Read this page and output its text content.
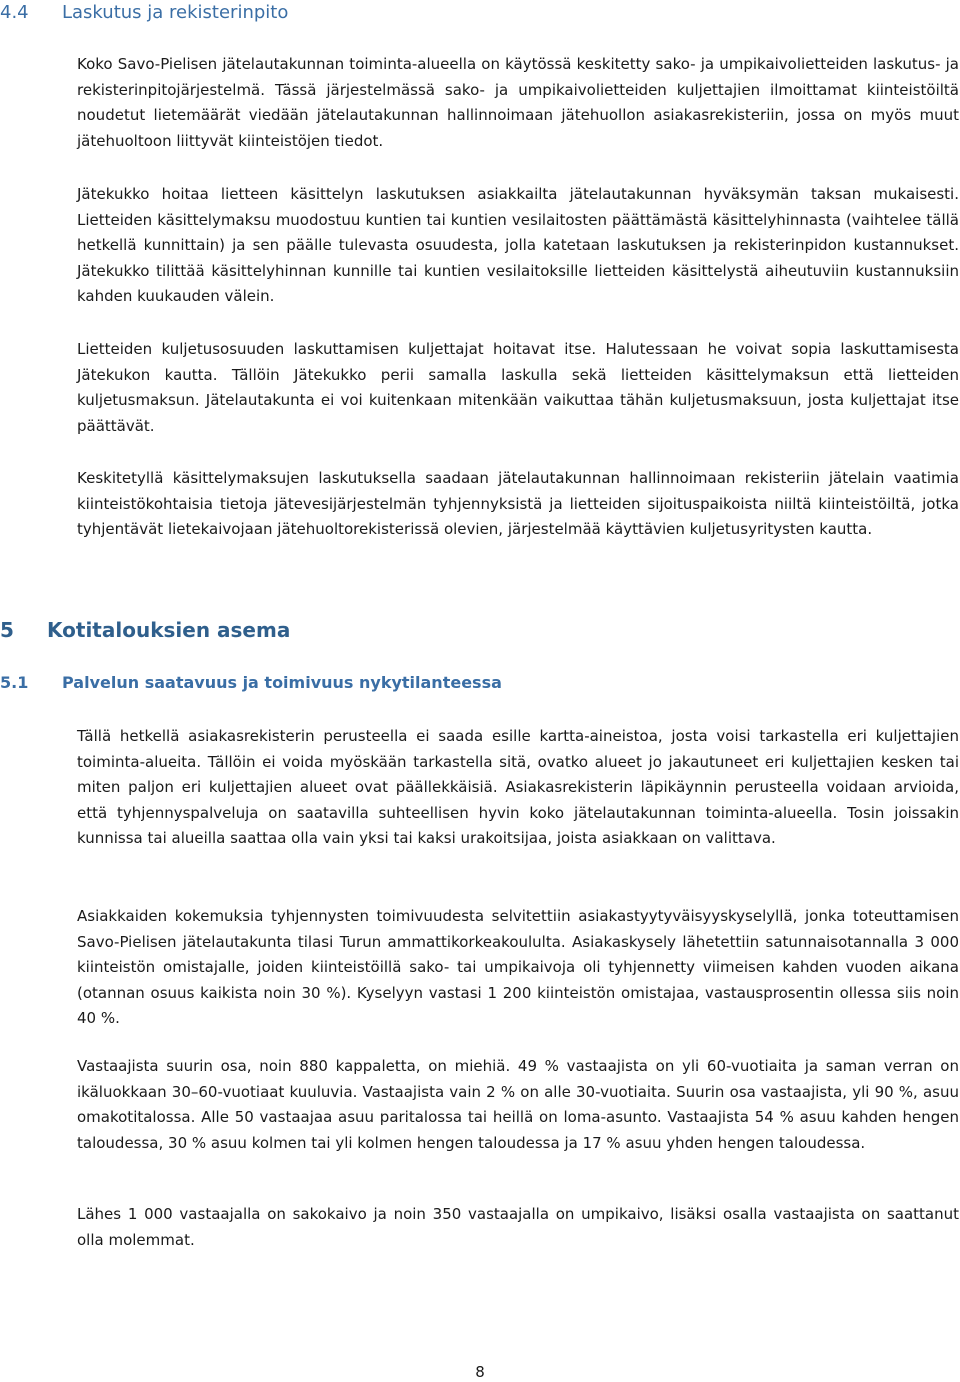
4.4 Laskutus ja rekisterinpito

Koko Savo-Pielisen jätelautakunnan toiminta-alueella on käytössä keskitetty sako- ja umpikaivolietteiden laskutus- ja rekisterinpitojärjestelmä. Tässä järjestelmässä sako- ja umpikaivolietteiden kuljettajien ilmoittamat kiinteistöiltä noudetut lietemäärät viedään jätelautakunnan hallinnoimaan jätehuollon asiakasrekisteriin, jossa on myös muut jätehuoltoon liittyvät kiinteistöjen tiedot.

Jätekukko hoitaa lietteen käsittelyn laskutuksen asiakkailta jätelautakunnan hyväksymän taksan mukaisesti. Lietteiden käsittelymaksu muodostuu kuntien tai kuntien vesilaitosten päättämästä käsittelyhinnasta (vaihtelee tällä hetkellä kunnittain) ja sen päälle tulevasta osuudesta, jolla katetaan laskutuksen ja rekisterinpidon kustannukset. Jätekukko tilittää käsittelyhinnan kunnille tai kuntien vesilaitoksille lietteiden käsittelystä aiheutuviin kustannuksiin kahden kuukauden välein.

Lietteiden kuljetusosuuden laskuttamisen kuljettajat hoitavat itse. Halutessaan he voivat sopia laskuttamisesta Jätekukon kautta. Tällöin Jätekukko perii samalla laskulla sekä lietteiden käsittelymaksun että lietteiden kuljetusmaksun. Jätelautakunta ei voi kuitenkaan mitenkään vaikuttaa tähän kuljetusmaksuun, josta kuljettajat itse päättävät.

Keskitetyllä käsittelymaksujen laskutuksella saadaan jätelautakunnan hallinnoimaan rekisteriin jätelain vaatimia kiinteistökohtaisia tietoja jätevesijärjestelmän tyhjennyksistä ja lietteiden sijoituspaikoista niiltä kiinteistöiltä, jotka tyhjentävät lietekaivojaan jätehuoltorekisterissä olevien, järjestelmää käyttävien kuljetusyritysten kautta.

5 Kotitalouksien asema
5.1 Palvelun saatavuus ja toimivuus nykytilanteessa

Tällä hetkellä asiakasrekisterin perusteella ei saada esille kartta-aineistoa, josta voisi tarkastella eri kuljettajien toiminta-alueita. Tällöin ei voida myöskään tarkastella sitä, ovatko alueet jo jakautuneet eri kuljettajien kesken tai miten paljon eri kuljettajien alueet ovat päällekkäisiä. Asiakasrekisterin läpikäynnin perusteella voidaan arvioida, että tyhjennyspalveluja on saatavilla suhteellisen hyvin koko jätelautakunnan toiminta-alueella. Tosin joissakin kunnissa tai alueilla saattaa olla vain yksi tai kaksi urakoitsijaa, joista asiakkaan on valittava.

Asiakkaiden kokemuksia tyhjennysten toimivuudesta selvitettiin asiakastyytyväisyyskyselyllä, jonka toteuttamisen Savo-Pielisen jätelautakunta tilasi Turun ammattikorkeakoululta. Asiakaskysely lähetettiin satunnaisotannalla 3 000 kiinteistön omistajalle, joiden kiinteistöillä sako- tai umpikaivoja oli tyhjennetty viimeisen kahden vuoden aikana (otannan osuus kaikista noin 30 %). Kyselyyn vastasi 1 200 kiinteistön omistajaa, vastausprosentin ollessa siis noin 40 %.

Vastaajista suurin osa, noin 880 kappaletta, on miehiä. 49 % vastaajista on yli 60-vuotiaita ja saman verran on ikäluokkaan 30–60-vuotiaat kuuluvia. Vastaajista vain 2 % on alle 30-vuotiaita. Suurin osa vastaajista, yli 90 %, asuu omakotitalossa. Alle 50 vastaajaa asuu paritalossa tai heillä on loma-asunto. Vastaajista 54 % asuu kahden hengen taloudessa, 30 % asuu kolmen tai yli kolmen hengen taloudessa ja 17 % asuu yhden hengen taloudessa.

Lähes 1 000 vastaajalla on sakokaivo ja noin 350 vastaajalla on umpikaivo, lisäksi osalla vastaajista on saattanut olla molemmat.

8
